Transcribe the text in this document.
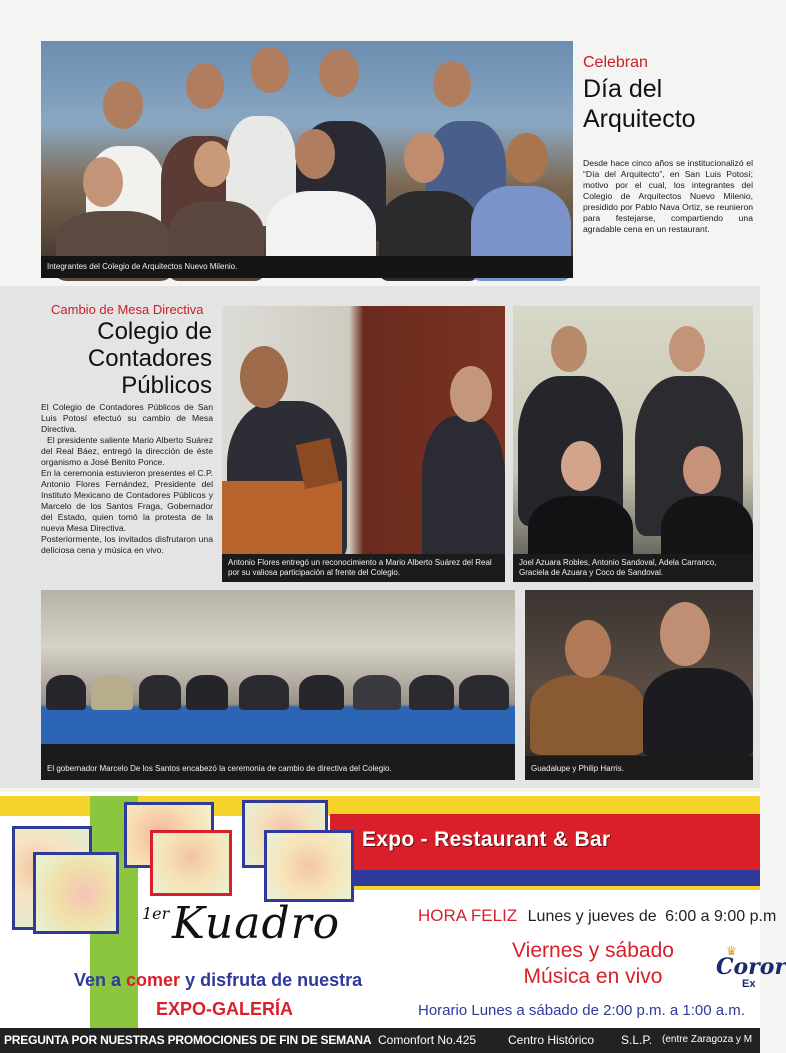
Integrantes del Colegio de Arquitectos Nuevo Milenio.
Celebran
Día del
Arquitecto
Desde hace cinco años se institucionalizó el “Día del Arquitecto”, en San Luis Potosí; motivo por el cual, los integrantes del Colegio de Arquitectos Nuevo Milenio, presidido por Pablo Nava Ortiz, se reunieron para festejarse, compartiendo una agradable cena en un restaurant.
Cambio de Mesa Directiva
Colegio de
Contadores
Públicos
El Colegio de Contadores Públicos de San Luis Potosí efectuó su cambio de Mesa Directiva.
El presidente saliente Mario Alberto Suárez del Real Báez, entregó la dirección de éste organismo a José Benito Ponce.
En la ceremonia estuvieron presentes el C.P. Antonio Flores Fernández, Presidente del Instituto Mexicano de Contadores Públicos y Marcelo de los Santos Fraga, Gobernador del Estado, quien tomó la protesta de la nueva Mesa Directiva.
Posteriormente, los invitados disfrutaron una deliciosa cena y música en vivo.
Antonio Flores entregó un reconocimiento a Mario Alberto Suárez del Real por su valiosa participación al frente del Colegio.
Joel Azuara Robles, Antonio Sandoval, Adela Carranco, Graciela de Azuara y Coco de Sandoval.
El gobernador Marcelo De los Santos encabezó la ceremonia de cambio de directiva del Colegio.	Guadalupe y Philip Harris.
Expo - Restaurant & Bar
1er Kuadro
Ven a comer y disfruta de nuestra
EXPO-GALERÍA
HORA FELIZ Lunes y jueves de 6:00 a 9:00 p.m
Viernes y sábado
Música en vivo
Horario Lunes a sábado de 2:00 p.m. a 1:00 a.m.
♛
Coror
Ex
PREGUNTA POR NUESTRAS PROMOCIONES DE FIN DE SEMANA Comonfort No.425	Centro Histórico S.L.P. (entre Zaragoza y M
